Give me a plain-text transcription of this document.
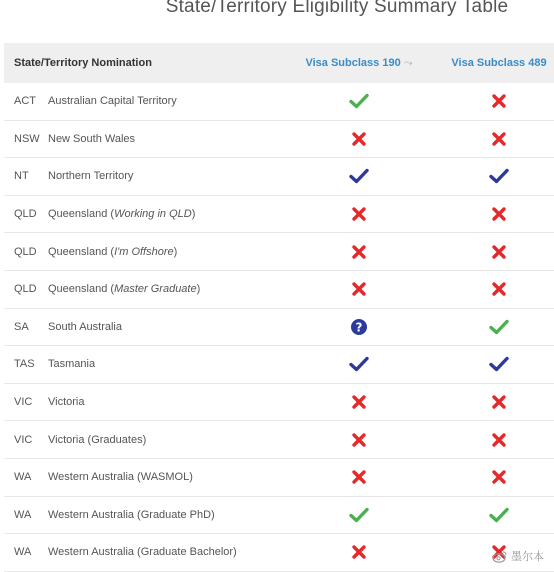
State/Territory Eligibility Summary Table
State/Territory Nomination	Visa Subclass 190 ⤳	Visa Subclass 489
ACT	Australian Capital Territory
NSW New South Wales
NT	Northern Territory
QLD	Queensland (Working in QLD)
QLD	Queensland (I'm Offshore)
QLD	Queensland (Master Graduate)
SA	South Australia	?
TAS	Tasmania
VIC	Victoria
VIC	Victoria (Graduates)
WA	Western Australia (WASMOL)
WA	Western Australia (Graduate PhD)
WA	Western Australia (Graduate Bachelor)	墨尔本
